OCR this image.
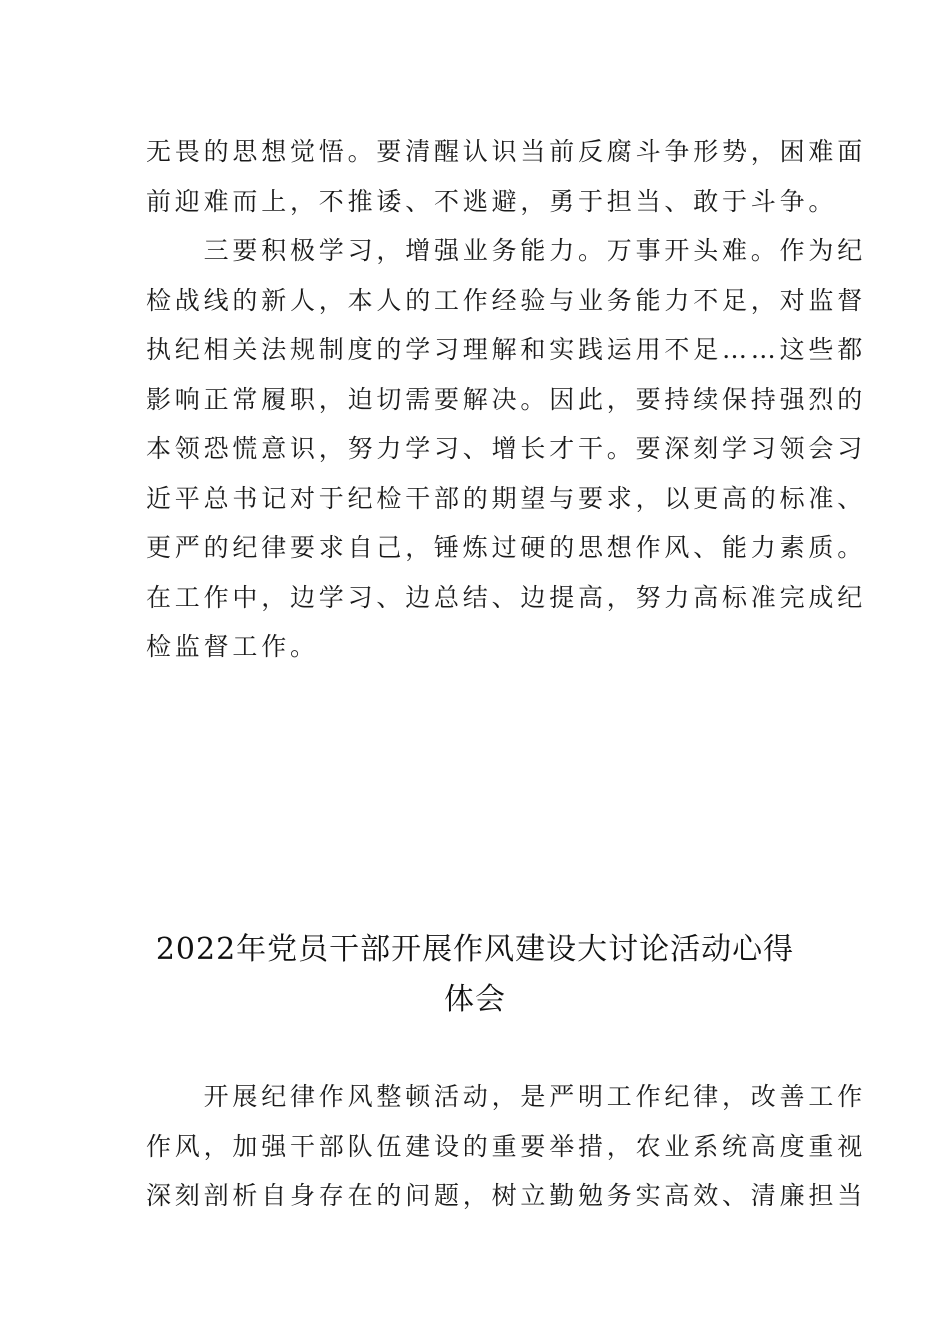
无畏的思想觉悟。要清醒认识当前反腐斗争形势，困难面
前迎难而上，不推诿、不逃避，勇于担当、敢于斗争。
　　三要积极学习，增强业务能力。万事开头难。作为纪
检战线的新人，本人的工作经验与业务能力不足，对监督
执纪相关法规制度的学习理解和实践运用不足……这些都
影响正常履职，迫切需要解决。因此，要持续保持强烈的
本领恐慌意识，努力学习、增长才干。要深刻学习领会习
近平总书记对于纪检干部的期望与要求，以更高的标准、
更严的纪律要求自己，锤炼过硬的思想作风、能力素质。
在工作中，边学习、边总结、边提高，努力高标准完成纪
检监督工作。
2022年党员干部开展作风建设大讨论活动心得
体会
　　开展纪律作风整顿活动，是严明工作纪律，改善工作
作风，加强干部队伍建设的重要举措，农业系统高度重视
深刻剖析自身存在的问题，树立勤勉务实高效、清廉担当
